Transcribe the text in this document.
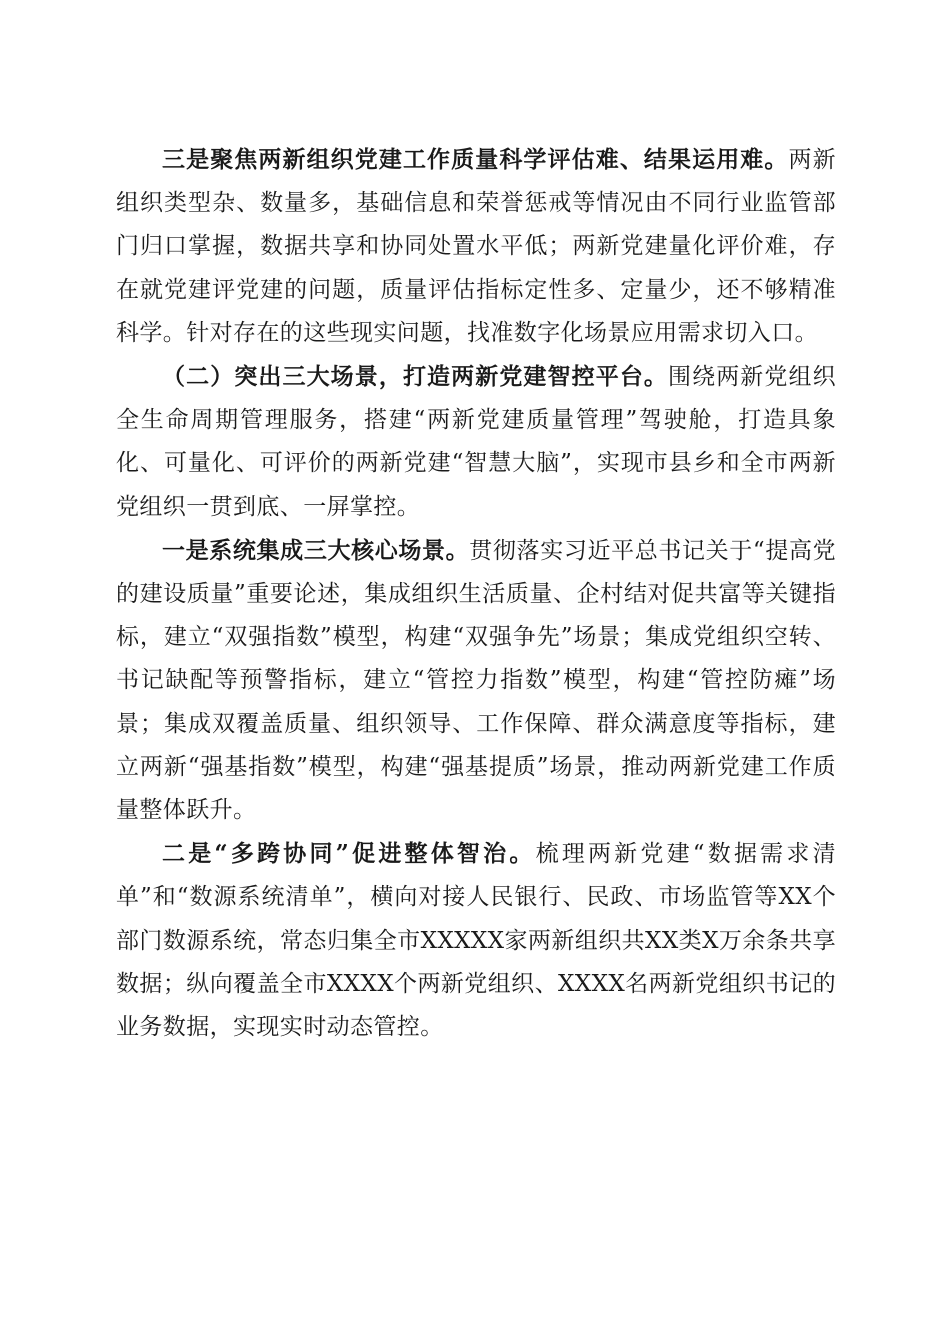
三是聚焦两新组织党建工作质量科学评估难、结果运用难。两新组织类型杂、数量多，基础信息和荣誉惩戒等情况由不同行业监管部门归口掌握，数据共享和协同处置水平低；两新党建量化评价难，存在就党建评党建的问题，质量评估指标定性多、定量少，还不够精准科学。针对存在的这些现实问题，找准数字化场景应用需求切入口。

（二）突出三大场景，打造两新党建智控平台。围绕两新党组织全生命周期管理服务，搭建“两新党建质量管理”驾驶舱，打造具象化、可量化、可评价的两新党建“智慧大脑”，实现市县乡和全市两新党组织一贯到底、一屏掌控。

一是系统集成三大核心场景。贯彻落实习近平总书记关于“提高党的建设质量”重要论述，集成组织生活质量、企村结对促共富等关键指标，建立“双强指数”模型，构建“双强争先”场景；集成党组织空转、书记缺配等预警指标，建立“管控力指数”模型，构建“管控防瘫”场景；集成双覆盖质量、组织领导、工作保障、群众满意度等指标，建立两新“强基指数”模型，构建“强基提质”场景，推动两新党建工作质量整体跃升。

二是“多跨协同”促进整体智治。梳理两新党建“数据需求清单”和“数源系统清单”，横向对接人民银行、民政、市场监管等XX个部门数源系统，常态归集全市XXXXX家两新组织共XX类X万余条共享数据；纵向覆盖全市XXXX个两新党组织、XXXX名两新党组织书记的业务数据，实现实时动态管控。
